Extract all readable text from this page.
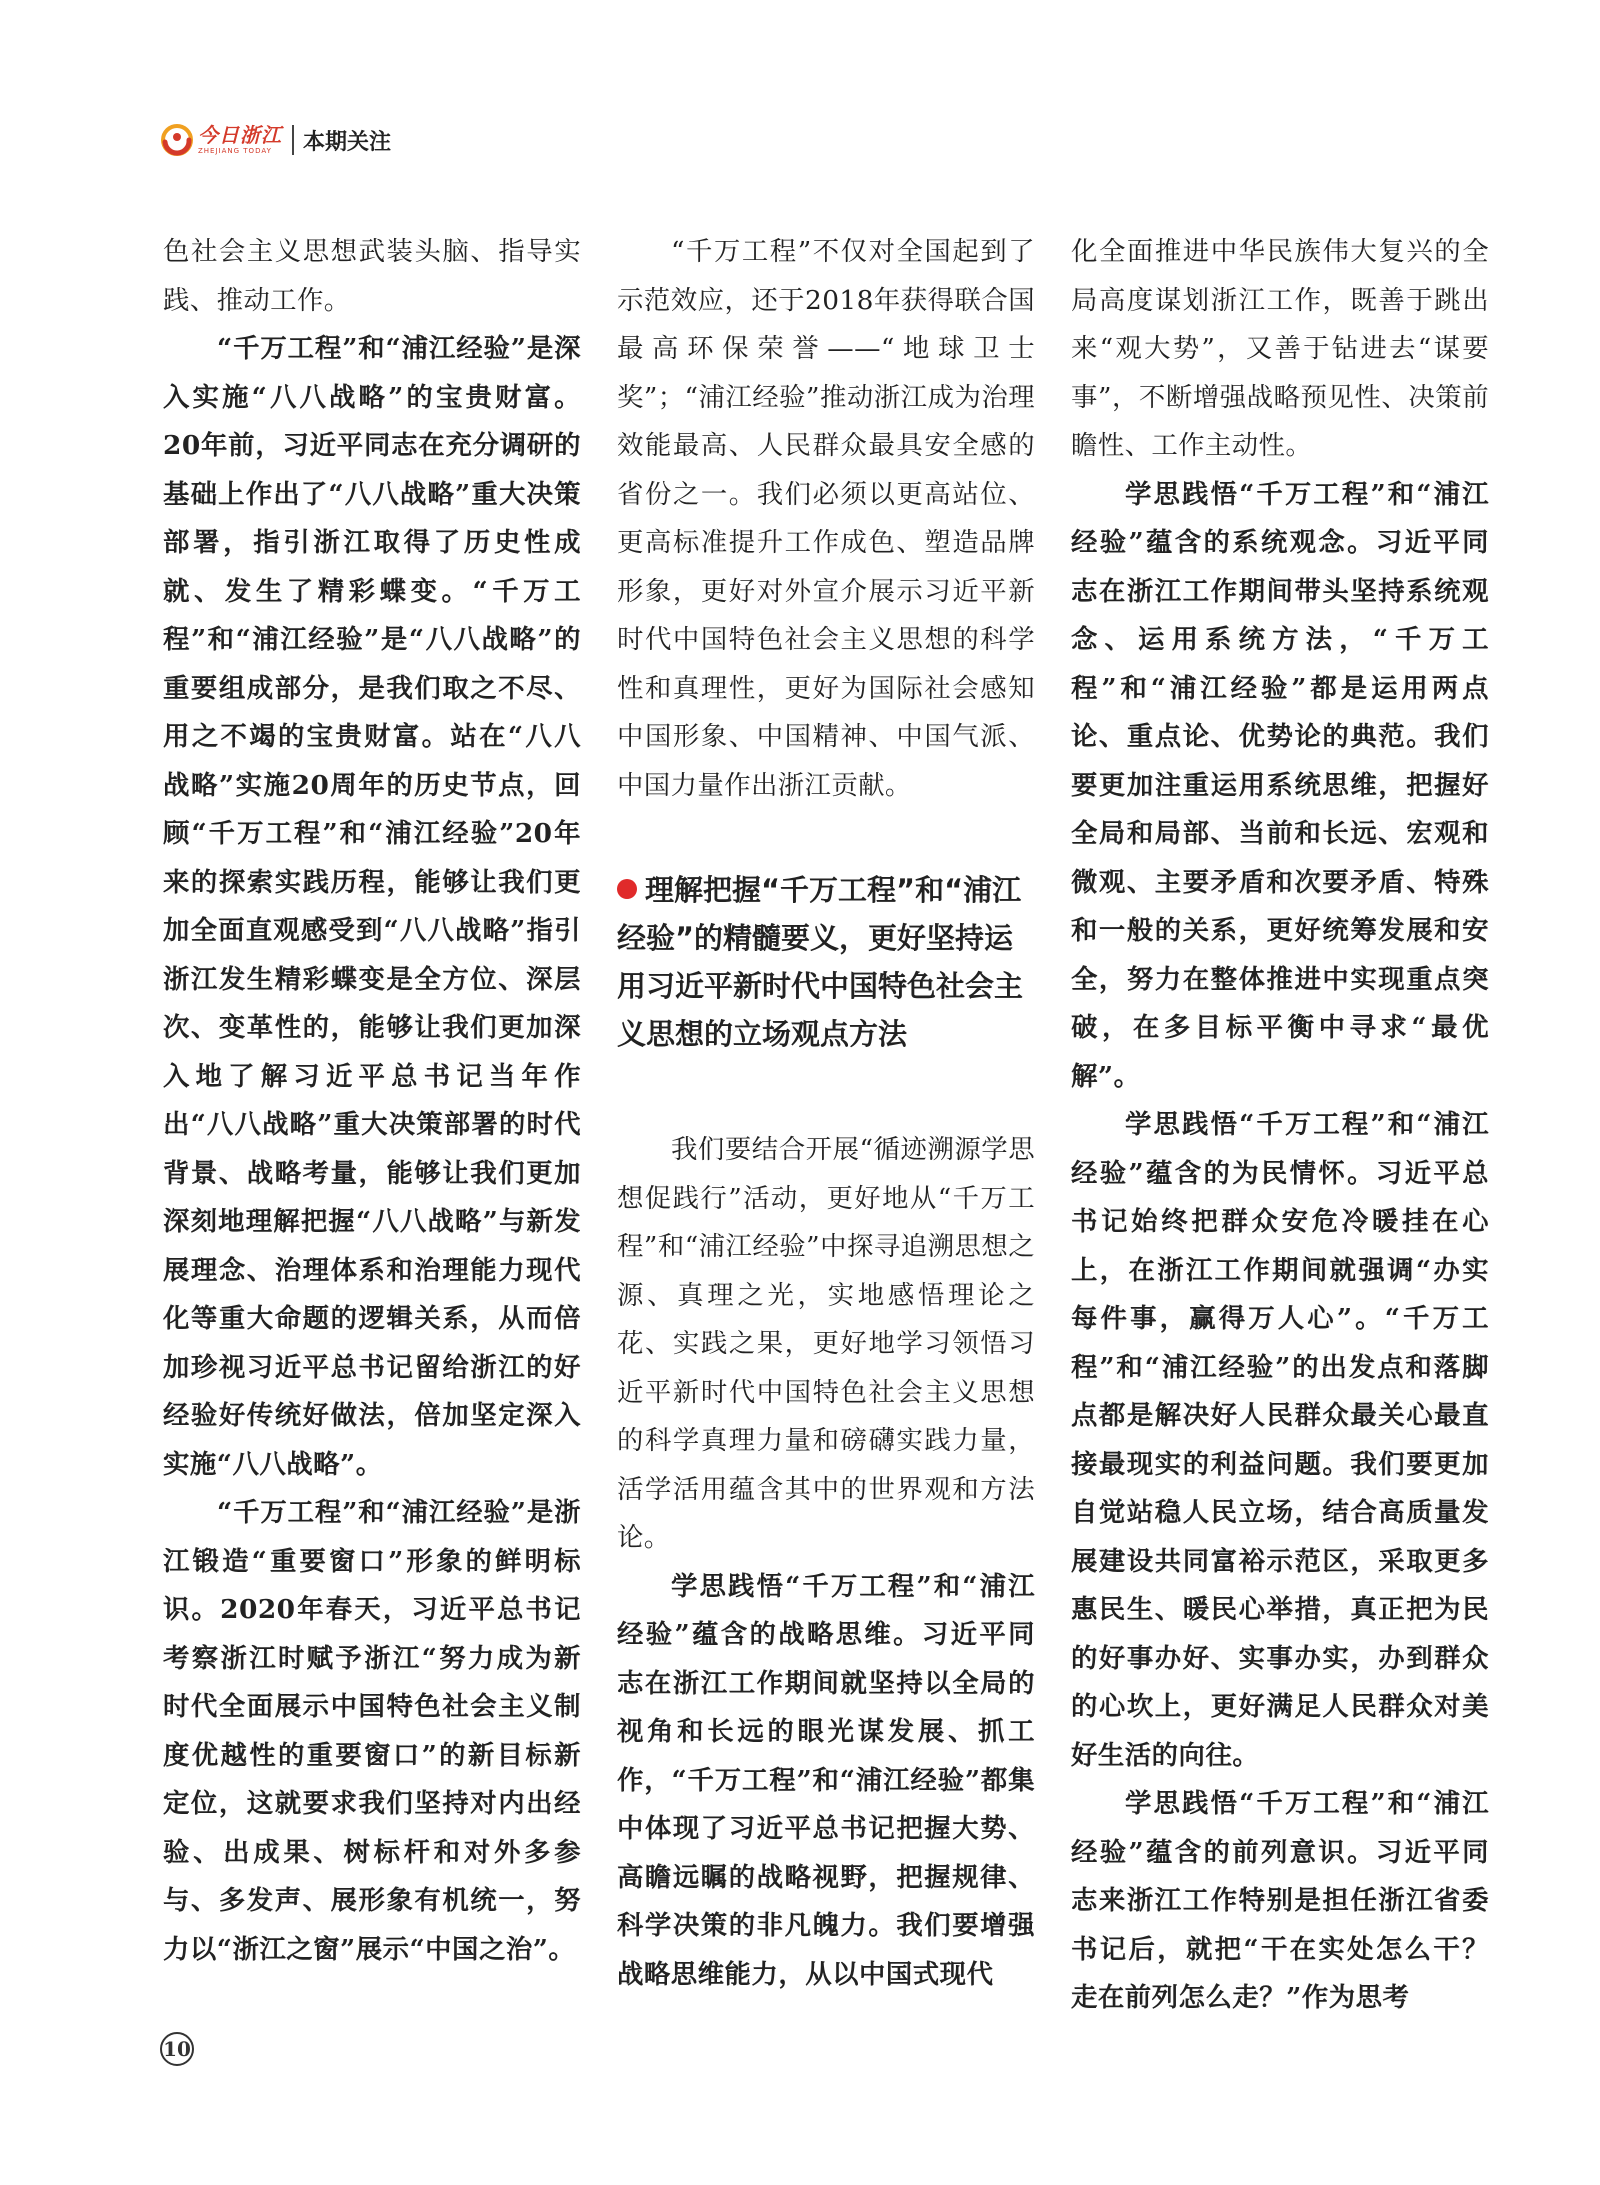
今日浙江
ZHEJIANG TODAY	本期关注

色社会主义思想武装头脑、指导实践、推动工作。

“千万工程”和“浦江经验”是深入实施“八八战略”的宝贵财富。20年前，习近平同志在充分调研的基础上作出了“八八战略”重大决策部署，指引浙江取得了历史性成就、发生了精彩蝶变。“千万工程”和“浦江经验”是“八八战略”的重要组成部分，是我们取之不尽、用之不竭的宝贵财富。站在“八八战略”实施20周年的历史节点，回顾“千万工程”和“浦江经验”20年来的探索实践历程，能够让我们更加全面直观感受到“八八战略”指引浙江发生精彩蝶变是全方位、深层次、变革性的，能够让我们更加深入地了解习近平总书记当年作出“八八战略”重大决策部署的时代背景、战略考量，能够让我们更加深刻地理解把握“八八战略”与新发展理念、治理体系和治理能力现代化等重大命题的逻辑关系，从而倍加珍视习近平总书记留给浙江的好经验好传统好做法，倍加坚定深入实施“八八战略”。

“千万工程”和“浦江经验”是浙江锻造“重要窗口”形象的鲜明标识。2020年春天，习近平总书记考察浙江时赋予浙江“努力成为新时代全面展示中国特色社会主义制度优越性的重要窗口”的新目标新定位，这就要求我们坚持对内出经验、出成果、树标杆和对外多参与、多发声、展形象有机统一，努力以“浙江之窗”展示“中国之治”。

“千万工程”不仅对全国起到了示范效应，还于2018年获得联合国最高环保荣誉——“地球卫士奖”；“浦江经验”推动浙江成为治理效能最高、人民群众最具安全感的省份之一。我们必须以更高站位、更高标准提升工作成色、塑造品牌形象，更好对外宣介展示习近平新时代中国特色社会主义思想的科学性和真理性，更好为国际社会感知中国形象、中国精神、中国气派、中国力量作出浙江贡献。

理解把握“千万工程”和“浦江经验”的精髓要义，更好坚持运用习近平新时代中国特色社会主义思想的立场观点方法

我们要结合开展“循迹溯源学思想促践行”活动，更好地从“千万工程”和“浦江经验”中探寻追溯思想之源、真理之光，实地感悟理论之花、实践之果，更好地学习领悟习近平新时代中国特色社会主义思想的科学真理力量和磅礴实践力量，活学活用蕴含其中的世界观和方法论。

学思践悟“千万工程”和“浦江经验”蕴含的战略思维。习近平同志在浙江工作期间就坚持以全局的视角和长远的眼光谋发展、抓工作，“千万工程”和“浦江经验”都集中体现了习近平总书记把握大势、高瞻远瞩的战略视野，把握规律、科学决策的非凡魄力。我们要增强战略思维能力，从以中国式现代

化全面推进中华民族伟大复兴的全局高度谋划浙江工作，既善于跳出来“观大势”，又善于钻进去“谋要事”，不断增强战略预见性、决策前瞻性、工作主动性。

学思践悟“千万工程”和“浦江经验”蕴含的系统观念。习近平同志在浙江工作期间带头坚持系统观念、运用系统方法，“千万工程”和“浦江经验”都是运用两点论、重点论、优势论的典范。我们要更加注重运用系统思维，把握好全局和局部、当前和长远、宏观和微观、主要矛盾和次要矛盾、特殊和一般的关系，更好统筹发展和安全，努力在整体推进中实现重点突破，在多目标平衡中寻求“最优解”。

学思践悟“千万工程”和“浦江经验”蕴含的为民情怀。习近平总书记始终把群众安危冷暖挂在心上，在浙江工作期间就强调“办实每件事，赢得万人心”。“千万工程”和“浦江经验”的出发点和落脚点都是解决好人民群众最关心最直接最现实的利益问题。我们要更加自觉站稳人民立场，结合高质量发展建设共同富裕示范区，采取更多惠民生、暖民心举措，真正把为民的好事办好、实事办实，办到群众的心坎上，更好满足人民群众对美好生活的向往。

学思践悟“千万工程”和“浦江经验”蕴含的前列意识。习近平同志来浙江工作特别是担任浙江省委书记后，就把“干在实处怎么干？走在前列怎么走？”作为思考

10
